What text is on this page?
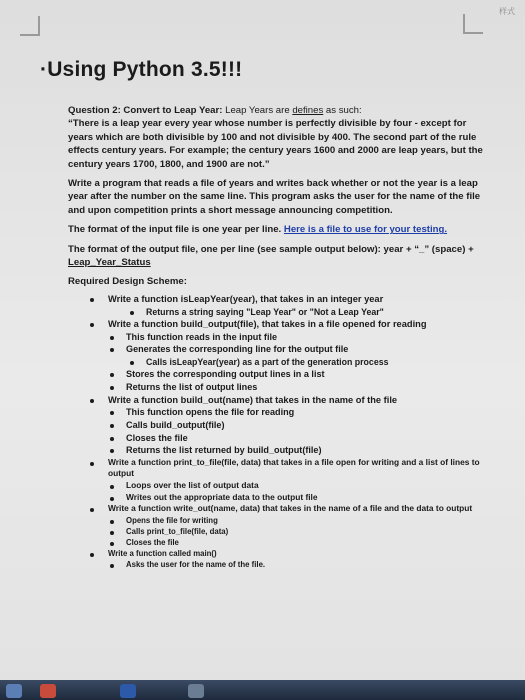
样式
·Using Python 3.5!!!

Question 2: Convert to Leap Year: Leap Years are defines as such:
“There is a leap year every year whose number is perfectly divisible by four - except for years which are both divisible by 100 and not divisible by 400. The second part of the rule effects century years. For example; the century years 1600 and 2000 are leap years, but the century years 1700, 1800, and 1900 are not.”

Write a program that reads a file of years and writes back whether or not the year is a leap year after the number on the same line. This program asks the user for the name of the file and upon competition prints a short message announcing competition.

The format of the input file is one year per line. Here is a file to use for your testing.

The format of the output file, one per line (see sample output below): year + “_” (space) + Leap_Year_Status

Required Design Scheme:

Write a function isLeapYear(year), that takes in an integer year
Returns a string saying "Leap Year" or "Not a Leap Year"
Write a function build_output(file), that takes in a file opened for reading
This function reads in the input file
Generates the corresponding line for the output file
Calls isLeapYear(year) as a part of the generation process
Stores the corresponding output lines in a list
Returns the list of output lines
Write a function build_out(name) that takes in the name of the file
This function opens the file for reading
Calls build_output(file)
Closes the file
Returns the list returned by build_output(file)
Write a function print_to_file(file, data) that takes in a file open for writing and a list of lines to output
Loops over the list of output data
Writes out the appropriate data to the output file
Write a function write_out(name, data) that takes in the name of a file and the data to output
Opens the file for writing
Calls print_to_file(file, data)
Closes the file
Write a function called main()
Asks the user for the name of the file.
